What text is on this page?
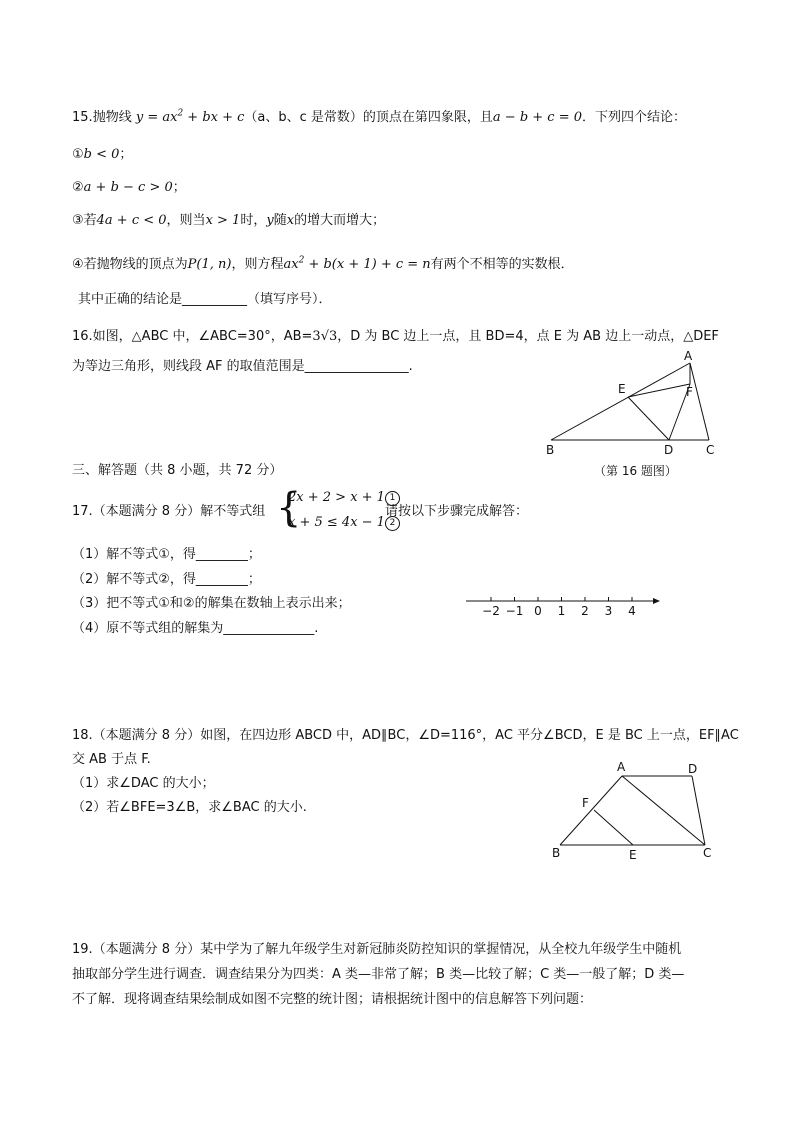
15.抛物线 $y = ax^2$ + bx + c（a、b、c 是常数）的顶点在第四象限，且a − b + c = 0．下列四个结论：
①b < 0；
②a + b − c > 0；
③若4a + c < 0，则当x > 1时，y随x的增大而增大；
④若抛物线的顶点为P(1, n)，则方程$ax^2 + b(x + 1) + c = n$有两个不相等的实数根．
其中正确的结论是__________（填写序号）．
16.如图，△ABC 中，∠ABC=30°，AB=3√3，D 为 BC 边上一点，且 BD=4，点 E 为 AB 边上一动点，△DEF
为等边三角形，则线段 AF 的取值范围是________________.
A
B	C
D
E	F
（第 16 题图）
三、解答题（共 8 小题，共 72 分）
17.（本题满分 8 分）解不等式组 {
2x + 2 > x + 1 1
x + 5 ≤ 4x − 1 2
请按以下步骤完成解答：
（1）解不等式①，得________；
（2）解不等式②，得________；
（3）把不等式①和②的解集在数轴上表示出来；
（4）原不等式组的解集为______________.
−2 −1 0 1 2 3 4
18.（本题满分 8 分）如图，在四边形 ABCD 中，AD∥BC，∠D=116°，AC 平分∠BCD，E 是 BC 上一点，EF∥AC
交 AB 于点 F.
（1）求∠DAC 的大小；
（2）若∠BFE=3∠B，求∠BAC 的大小.
A	D
F
B	E	C
19.（本题满分 8 分）某中学为了解九年级学生对新冠肺炎防控知识的掌握情况，从全校九年级学生中随机
抽取部分学生进行调查．调查结果分为四类：A 类—非常了解；B 类—比较了解；C 类—一般了解；D 类—
不了解．现将调查结果绘制成如图不完整的统计图；请根据统计图中的信息解答下列问题：
